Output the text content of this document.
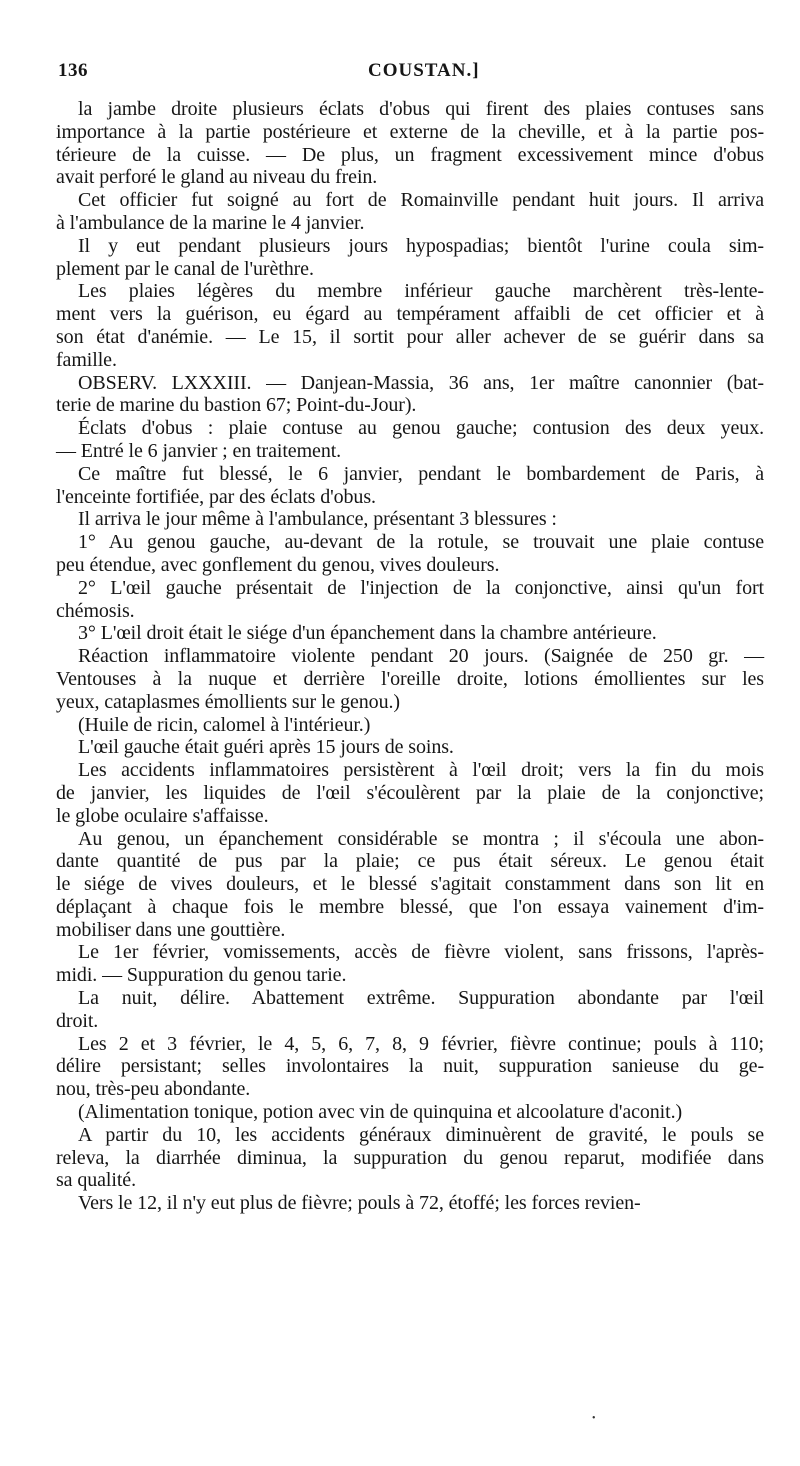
136	COUSTAN.]
la jambe droite plusieurs éclats d'obus qui firent des plaies contuses sans
importance à la partie postérieure et externe de la cheville, et à la partie pos-
térieure de la cuisse. — De plus, un fragment excessivement mince d'obus
avait perforé le gland au niveau du frein.
Cet officier fut soigné au fort de Romainville pendant huit jours. Il arriva
à l'ambulance de la marine le 4 janvier.
Il y eut pendant plusieurs jours hypospadias; bientôt l'urine coula sim-
plement par le canal de l'urèthre.
Les plaies légères du membre inférieur gauche marchèrent très-lente-
ment vers la guérison, eu égard au tempérament affaibli de cet officier et à
son état d'anémie. — Le 15, il sortit pour aller achever de se guérir dans sa
famille.
OBSERV. LXXXIII. — Danjean-Massia, 36 ans, 1er maître canonnier (bat-
terie de marine du bastion 67; Point-du-Jour).
Éclats d'obus : plaie contuse au genou gauche; contusion des deux yeux.
— Entré le 6 janvier ; en traitement.
Ce maître fut blessé, le 6 janvier, pendant le bombardement de Paris, à
l'enceinte fortifiée, par des éclats d'obus.
Il arriva le jour même à l'ambulance, présentant 3 blessures :
1° Au genou gauche, au-devant de la rotule, se trouvait une plaie contuse
peu étendue, avec gonflement du genou, vives douleurs.
2° L'œil gauche présentait de l'injection de la conjonctive, ainsi qu'un fort
chémosis.
3° L'œil droit était le siége d'un épanchement dans la chambre antérieure.
Réaction inflammatoire violente pendant 20 jours. (Saignée de 250 gr. —
Ventouses à la nuque et derrière l'oreille droite, lotions émollientes sur les
yeux, cataplasmes émollients sur le genou.)
(Huile de ricin, calomel à l'intérieur.)
L'œil gauche était guéri après 15 jours de soins.
Les accidents inflammatoires persistèrent à l'œil droit; vers la fin du mois
de janvier, les liquides de l'œil s'écoulèrent par la plaie de la conjonctive;
le globe oculaire s'affaisse.
Au genou, un épanchement considérable se montra ; il s'écoula une abon-
dante quantité de pus par la plaie; ce pus était séreux. Le genou était
le siége de vives douleurs, et le blessé s'agitait constamment dans son lit en
déplaçant à chaque fois le membre blessé, que l'on essaya vainement d'im-
mobiliser dans une gouttière.
Le 1er février, vomissements, accès de fièvre violent, sans frissons, l'après-
midi. — Suppuration du genou tarie.
La nuit, délire. Abattement extrême. Suppuration abondante par l'œil
droit.
Les 2 et 3 février, le 4, 5, 6, 7, 8, 9 février, fièvre continue; pouls à 110;
délire persistant; selles involontaires la nuit, suppuration sanieuse du ge-
nou, très-peu abondante.
(Alimentation tonique, potion avec vin de quinquina et alcoolature d'aconit.)
A partir du 10, les accidents généraux diminuèrent de gravité, le pouls se
releva, la diarrhée diminua, la suppuration du genou reparut, modifiée dans
sa qualité.
Vers le 12, il n'y eut plus de fièvre; pouls à 72, étoffé; les forces revien-
•
